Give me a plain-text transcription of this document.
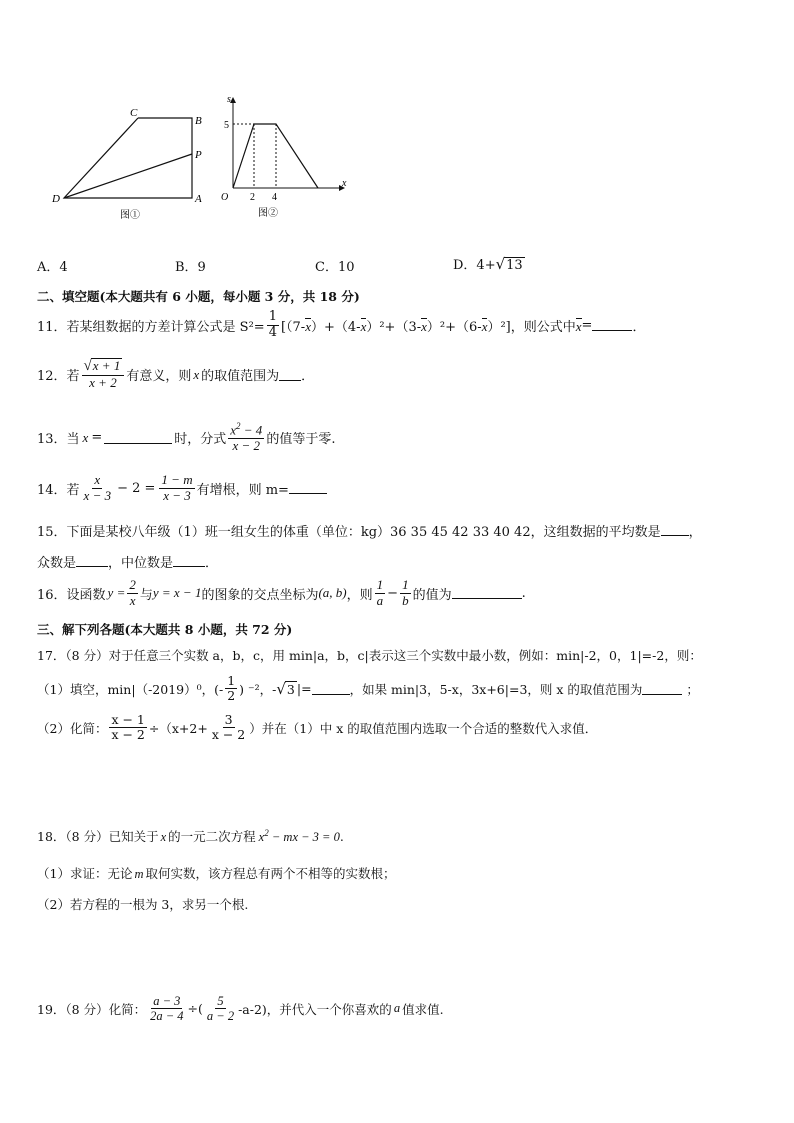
C
B
P
D	A
图①
s
x
5
O 2 4
图②
A．4	B．9	C．10	D．4+√13
二、填空题(本大题共有 6 小题，每小题 3 分，共 18 分)
11．若某组数据的方差计算公式是 $S^2= \frac{1}{4} [(7-$ x ）+（4- x ）²+（3- x ）²+（6- x ）²]，则公式中 x =	．
12．若 $\frac{√x + 1}{x + 2}$ 有意义，则 x 的取值范围为 ．
13．当 x =	时，分式 $\frac{x^2 - 4}{x - 2}$ 的值等于零.
14．若 $\frac{x}{x - 3} - 2 = \frac{1 - m}{x - 3}$ 有增根，则 m=
15．下面是某校八年级（1）班一组女生的体重（单位：kg）36 35 45 42 33 40 42，这组数据的平均数是 ，
众数是 ，中位数是 ．
16．设函数 $y = \frac{2}{x}$ 与 y = x − 1 的图象的交点坐标为 (a, b) ，则 $\frac{1}{a} - \frac{1}{b}$ 的值为	.
三、解下列各题(本大题共 8 小题，共 72 分)
17．（8 分）对于任意三个实数 a，b，c，用 min|a，b，c|表示这三个实数中最小数，例如：min|-2，0，1|=-2，则：
（1）填空，min|（-2019）⁰，(- $\frac{1}{2}$ ) ⁻²，- √ 3 |=	，如果 min|3，5-x，3x+6|=3，则 x 的取值范围为	；
（2）化简： $\frac{x - 1}{x - 2} \div(x+2+ \frac{3}{x - 2}$ ）并在（1）中 x 的取值范围内选取一个合适的整数代入求值．
18．（8 分）已知关于 x 的一元二次方程 $x^2$ − mx − 3 = 0 .
（1）求证：无论 m 取何实数，该方程总有两个不相等的实数根；
（2）若方程的一根为 3，求另一个根.
19．（8 分）化简： $\frac{a - 3}{2a - 4}$ ÷( $\frac{5}{a - 2} -a-2$)，并代入一个你喜欢的 a 值求值.
